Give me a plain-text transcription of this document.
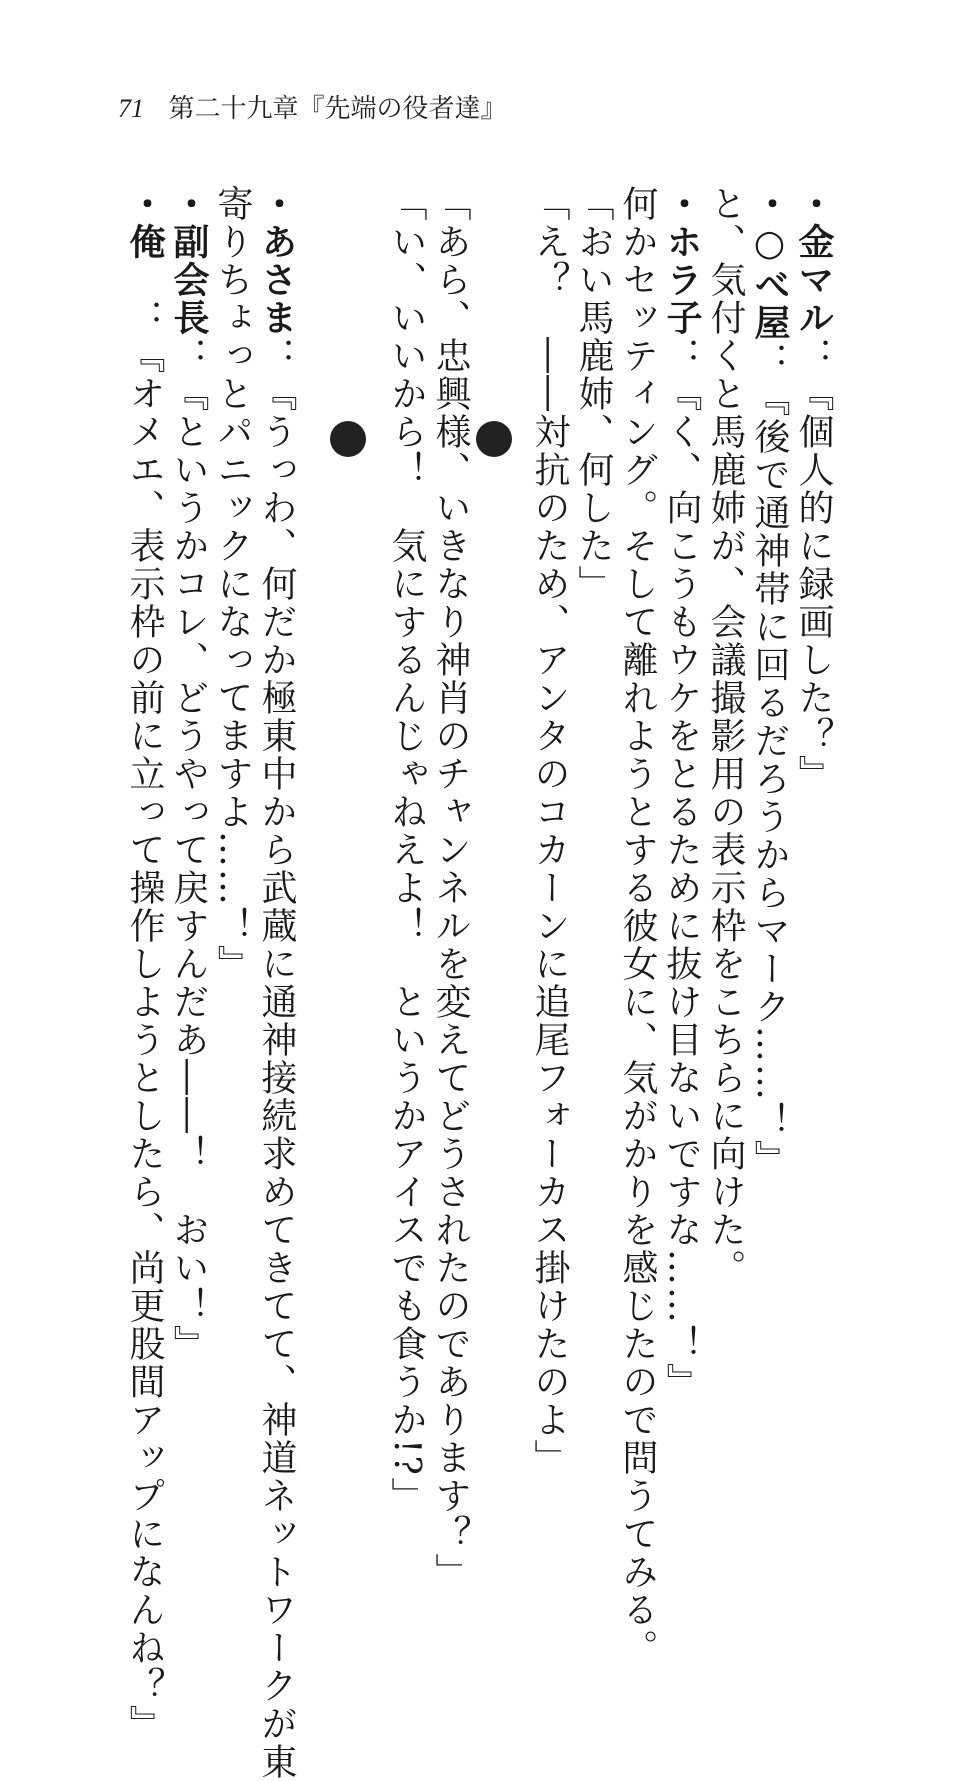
71 第二十九章『先端の役者達』
・金マル：『個人的に録画した？』
・○べ屋：『後で通神帯に回るだろうからマーク……！』
と、気付くと馬鹿姉が、会議撮影用の表示枠をこちらに向けた。
・ホラ子：『く、向こうもウケをとるために抜け目ないですな……！』
何かセッティング。そして離れようとする彼女に、気がかりを感じたので問うてみる。
「おい馬鹿姉、何した」
「え？　――対抗のため、アンタのコカーンに追尾フォーカス掛けたのよ」
「あら、忠興様、いきなり神肖のチャンネルを変えてどうされたのであります？」
「い、いいから！　気にするんじゃねえよ！　というかアイスでも食うか!?」
・あさま：『うっわ、何だか極東中から武蔵に通神接続求めてきてて、神道ネットワークが東
寄りちょっとパニックになってますよ……！』
・副会長：『というかコレ、どうやって戻すんだあ――！　おい！』
・俺　：『オメエ、表示枠の前に立って操作しようとしたら、尚更股間アップになんね？』
